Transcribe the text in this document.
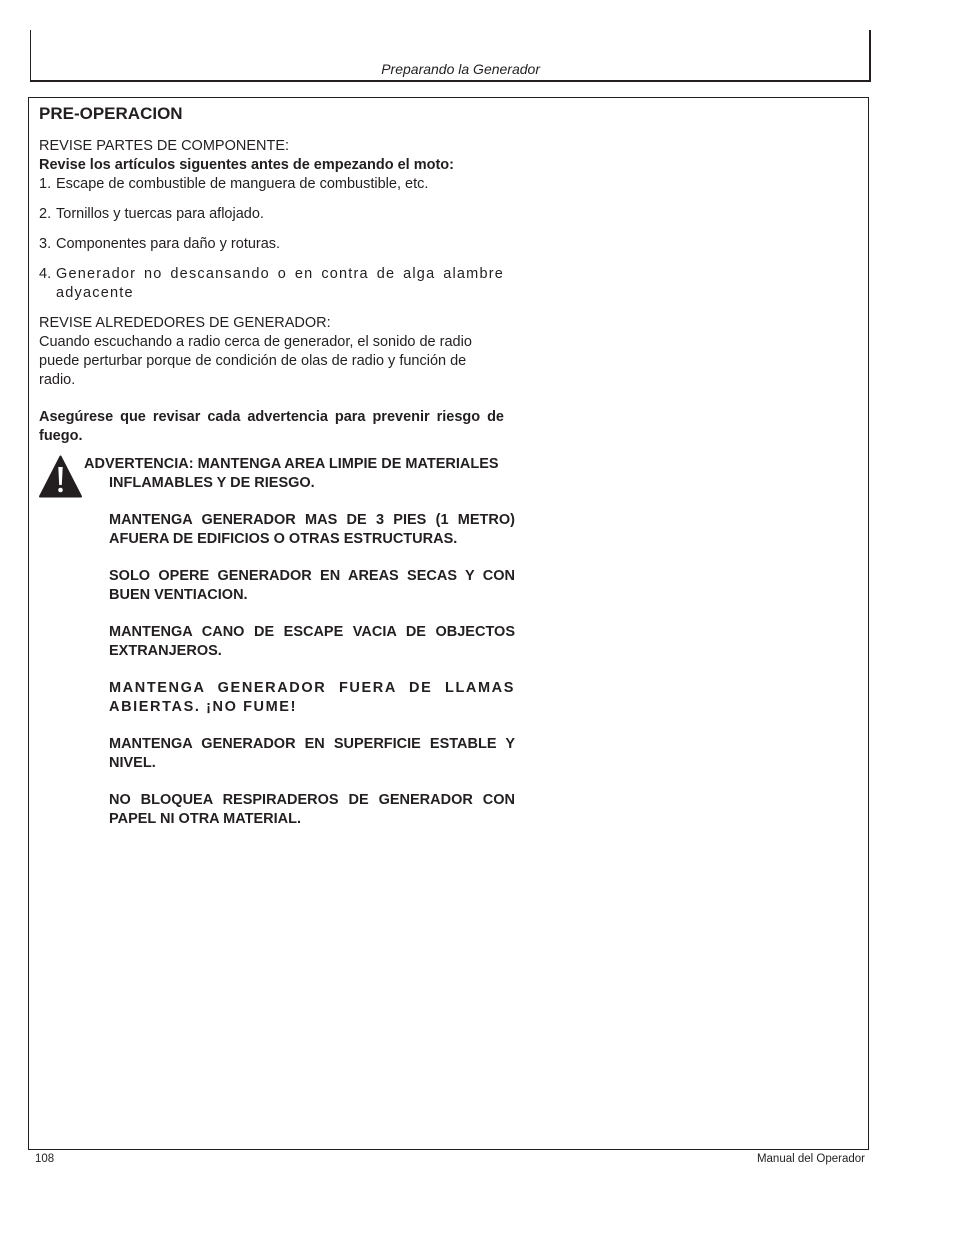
Preparando la Generador
PRE-OPERACION

REVISE PARTES DE COMPONENTE:

Revise los artículos siguentes antes de empezando el moto:

1. Escape de combustible de manguera de combustible, etc.
2. Tornillos y tuercas para aflojado.
3. Componentes para daño y roturas.
4. Generador no descansando o en contra de alga alambre adyacente

REVISE ALREDEDORES DE GENERADOR:

Cuando escuchando a radio cerca de generador, el sonido de radio puede perturbar porque de condición de olas de radio y función de radio.

Asegúrese que revisar cada advertencia para prevenir riesgo de fuego.

ADVERTENCIA: MANTENGA AREA LIMPIE DE MATERIALES
INFLAMABLES Y DE RIESGO.

MANTENGA GENERADOR MAS DE 3 PIES (1 METRO) AFUERA DE EDIFICIOS O OTRAS ESTRUCTURAS.

SOLO OPERE GENERADOR EN AREAS SECAS Y CON BUEN VENTIACION.

MANTENGA CANO DE ESCAPE VACIA DE OBJECTOS EXTRANJEROS.

MANTENGA GENERADOR FUERA DE LLAMAS ABIERTAS. ¡NO FUME!

MANTENGA GENERADOR EN SUPERFICIE ESTABLE Y NIVEL.

NO BLOQUEA RESPIRADEROS DE GENERADOR CON PAPEL NI OTRA MATERIAL.

108	Manual del Operador
